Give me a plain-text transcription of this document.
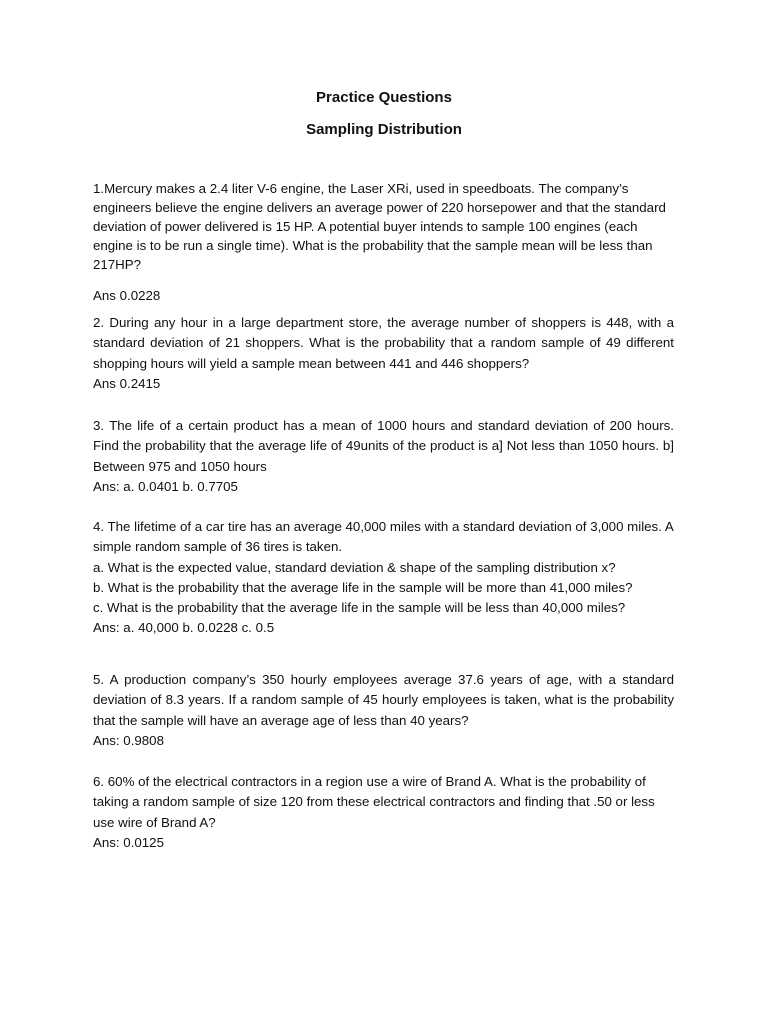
Practice Questions
Sampling Distribution

1.Mercury makes a 2.4 liter V-6 engine, the Laser XRi, used in speedboats. The company’s engineers believe the engine delivers an average power of 220 horsepower and that the standard deviation of power delivered is 15 HP. A potential buyer intends to sample 100 engines (each engine is to be run a single time). What is the probability that the sample mean will be less than 217HP?

Ans 0.0228

2. During any hour in a large department store, the average number of shoppers is 448, with a standard deviation of 21 shoppers. What is the probability that a random sample of 49 different shopping hours will yield a sample mean between 441 and 446 shoppers?

Ans 0.2415

3. The life of a certain product has a mean of 1000 hours and standard deviation of 200 hours. Find the probability that the average life of 49units of the product is a] Not less than 1050 hours. b] Between 975 and 1050 hours

Ans: a. 0.0401 b. 0.7705

4. The lifetime of a car tire has an average 40,000 miles with a standard deviation of 3,000 miles. A simple random sample of 36 tires is taken.

a. What is the expected value, standard deviation & shape of the sampling distribution x?

b. What is the probability that the average life in the sample will be more than 41,000 miles?

c. What is the probability that the average life in the sample will be less than 40,000 miles?

Ans: a. 40,000 b. 0.0228 c. 0.5

5. A production company’s 350 hourly employees average 37.6 years of age, with a standard deviation of 8.3 years. If a random sample of 45 hourly employees is taken, what is the probability that the sample will have an average age of less than 40 years?

Ans: 0.9808

6. 60% of the electrical contractors in a region use a wire of Brand A. What is the probability of taking a random sample of size 120 from these electrical contractors and finding that .50 or less use wire of Brand A?

Ans: 0.0125
